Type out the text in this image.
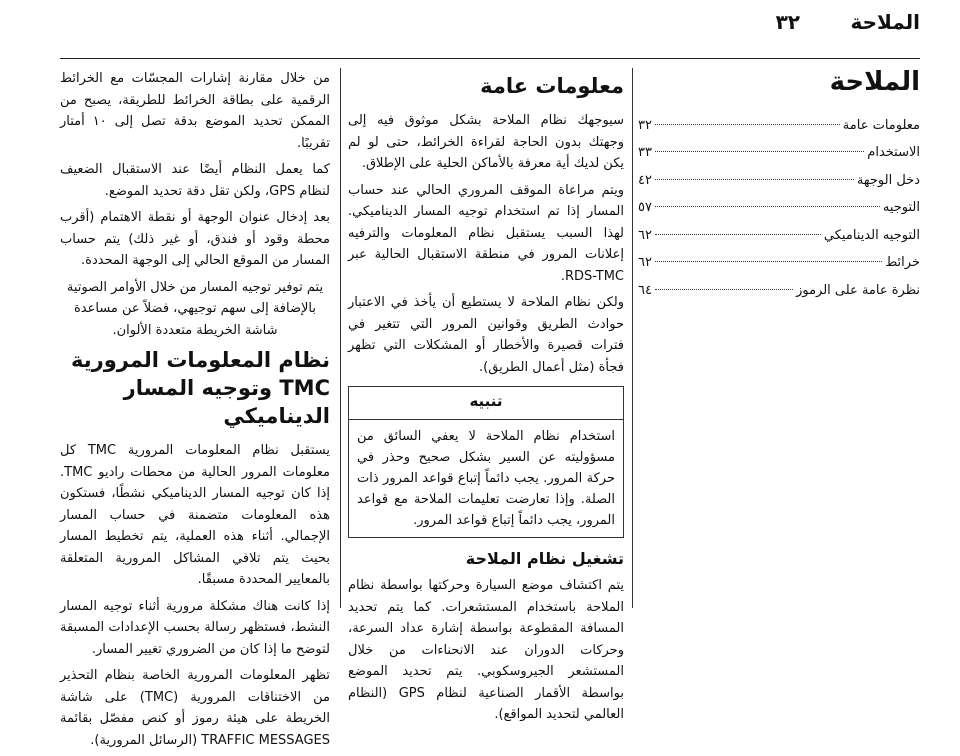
الملاحة
٣٢
الملاحة
معلومات عامة
٣٢
الاستخدام
٣٣
دخل الوجهة
٤٢
التوجيه
٥٧
التوجيه الديناميكي
٦٢
خرائط
٦٢
نظرة عامة على الرموز
٦٤
معلومات عامة

سيوجهك نظام الملاحة بشكل موثوق فيه إلى وجهتك بدون الحاجة لقراءة الخرائط، حتى لو لم يكن لديك أية معرفة بالأماكن الحلية على الإطلاق.

ويتم مراعاة الموقف المروري الحالي عند حساب المسار إذا تم استخدام توجيه المسار الديناميكي. لهذا السبب يستقبل نظام المعلومات والترفيه إعلانات المرور في منطقة الاستقبال الحالية عبر RDS-TMC.

ولكن نظام الملاحة لا يستطيع أن يأخذ في الاعتبار حوادث الطريق وقوانين المرور التي تتغير في فترات قصيرة والأخطار أو المشكلات التي تظهر فجأة (مثل أعمال الطريق).

تنبيه
استخدام نظام الملاحة لا يعفي السائق من مسؤوليته عن السير بشكل صحيح وحذر في حركة المرور. يجب دائماً إتباع قواعد المرور ذات الصلة. وإذا تعارضت تعليمات الملاحة مع قواعد المرور، يجب دائماً إتباع قواعد المرور.
تشغيل نظام الملاحة

يتم اكتشاف موضع السيارة وحركتها بواسطة نظام الملاحة باستخدام المستشعرات. كما يتم تحديد المسافة المقطوعة بواسطة إشارة عداد السرعة، وحركات الدوران عند الانحناءات من خلال المستشعر الجيروسكوبي. يتم تحديد الموضع بواسطة الأقمار الصناعية لنظام GPS (النظام العالمي لتحديد المواقع).

من خلال مقارنة إشارات المجسّات مع الخرائط الرقمية على بطاقة الخرائط للطريقة، يصبح من الممكن تحديد الموضع بدقة تصل إلى ١٠ أمتار تقريبًا.

كما يعمل النظام أيضًا عند الاستقبال الضعيف لنظام GPS، ولكن تقل دقة تحديد الموضع.

بعد إدخال عنوان الوجهة أو نقطة الاهتمام (أقرب محطة وقود أو فندق، أو غير ذلك) يتم حساب المسار من الموقع الحالي إلى الوجهة المحددة.

يتم توفير توجيه المسار من خلال الأوامر الصوتية بالإضافة إلى سهم توجيهي، فضلاً عن مساعدة شاشة الخريطة متعددة الألوان.

نظام المعلومات المرورية TMC وتوجيه المسار الديناميكي

يستقبل نظام المعلومات المرورية TMC كل معلومات المرور الحالية من محطات راديو TMC. إذا كان توجيه المسار الديناميكي نشطًا، فستكون هذه المعلومات متضمنة في حساب المسار الإجمالي. أثناء هذه العملية، يتم تخطيط المسار بحيث يتم تلافي المشاكل المرورية المتعلقة بالمعايير المحددة مسبقًا.

إذا كانت هناك مشكلة مرورية أثناء توجيه المسار النشط، فستظهر رسالة بحسب الإعدادات المسبقة لتوضح ما إذا كان من الضروري تغيير المسار.

تظهر المعلومات المرورية الخاصة بنظام التحذير من الاختناقات المرورية (TMC) على شاشة الخريطة على هيئة رموز أو كنص مفصّل بقائمة TRAFFIC MESSAGES (الرسائل المرورية).
